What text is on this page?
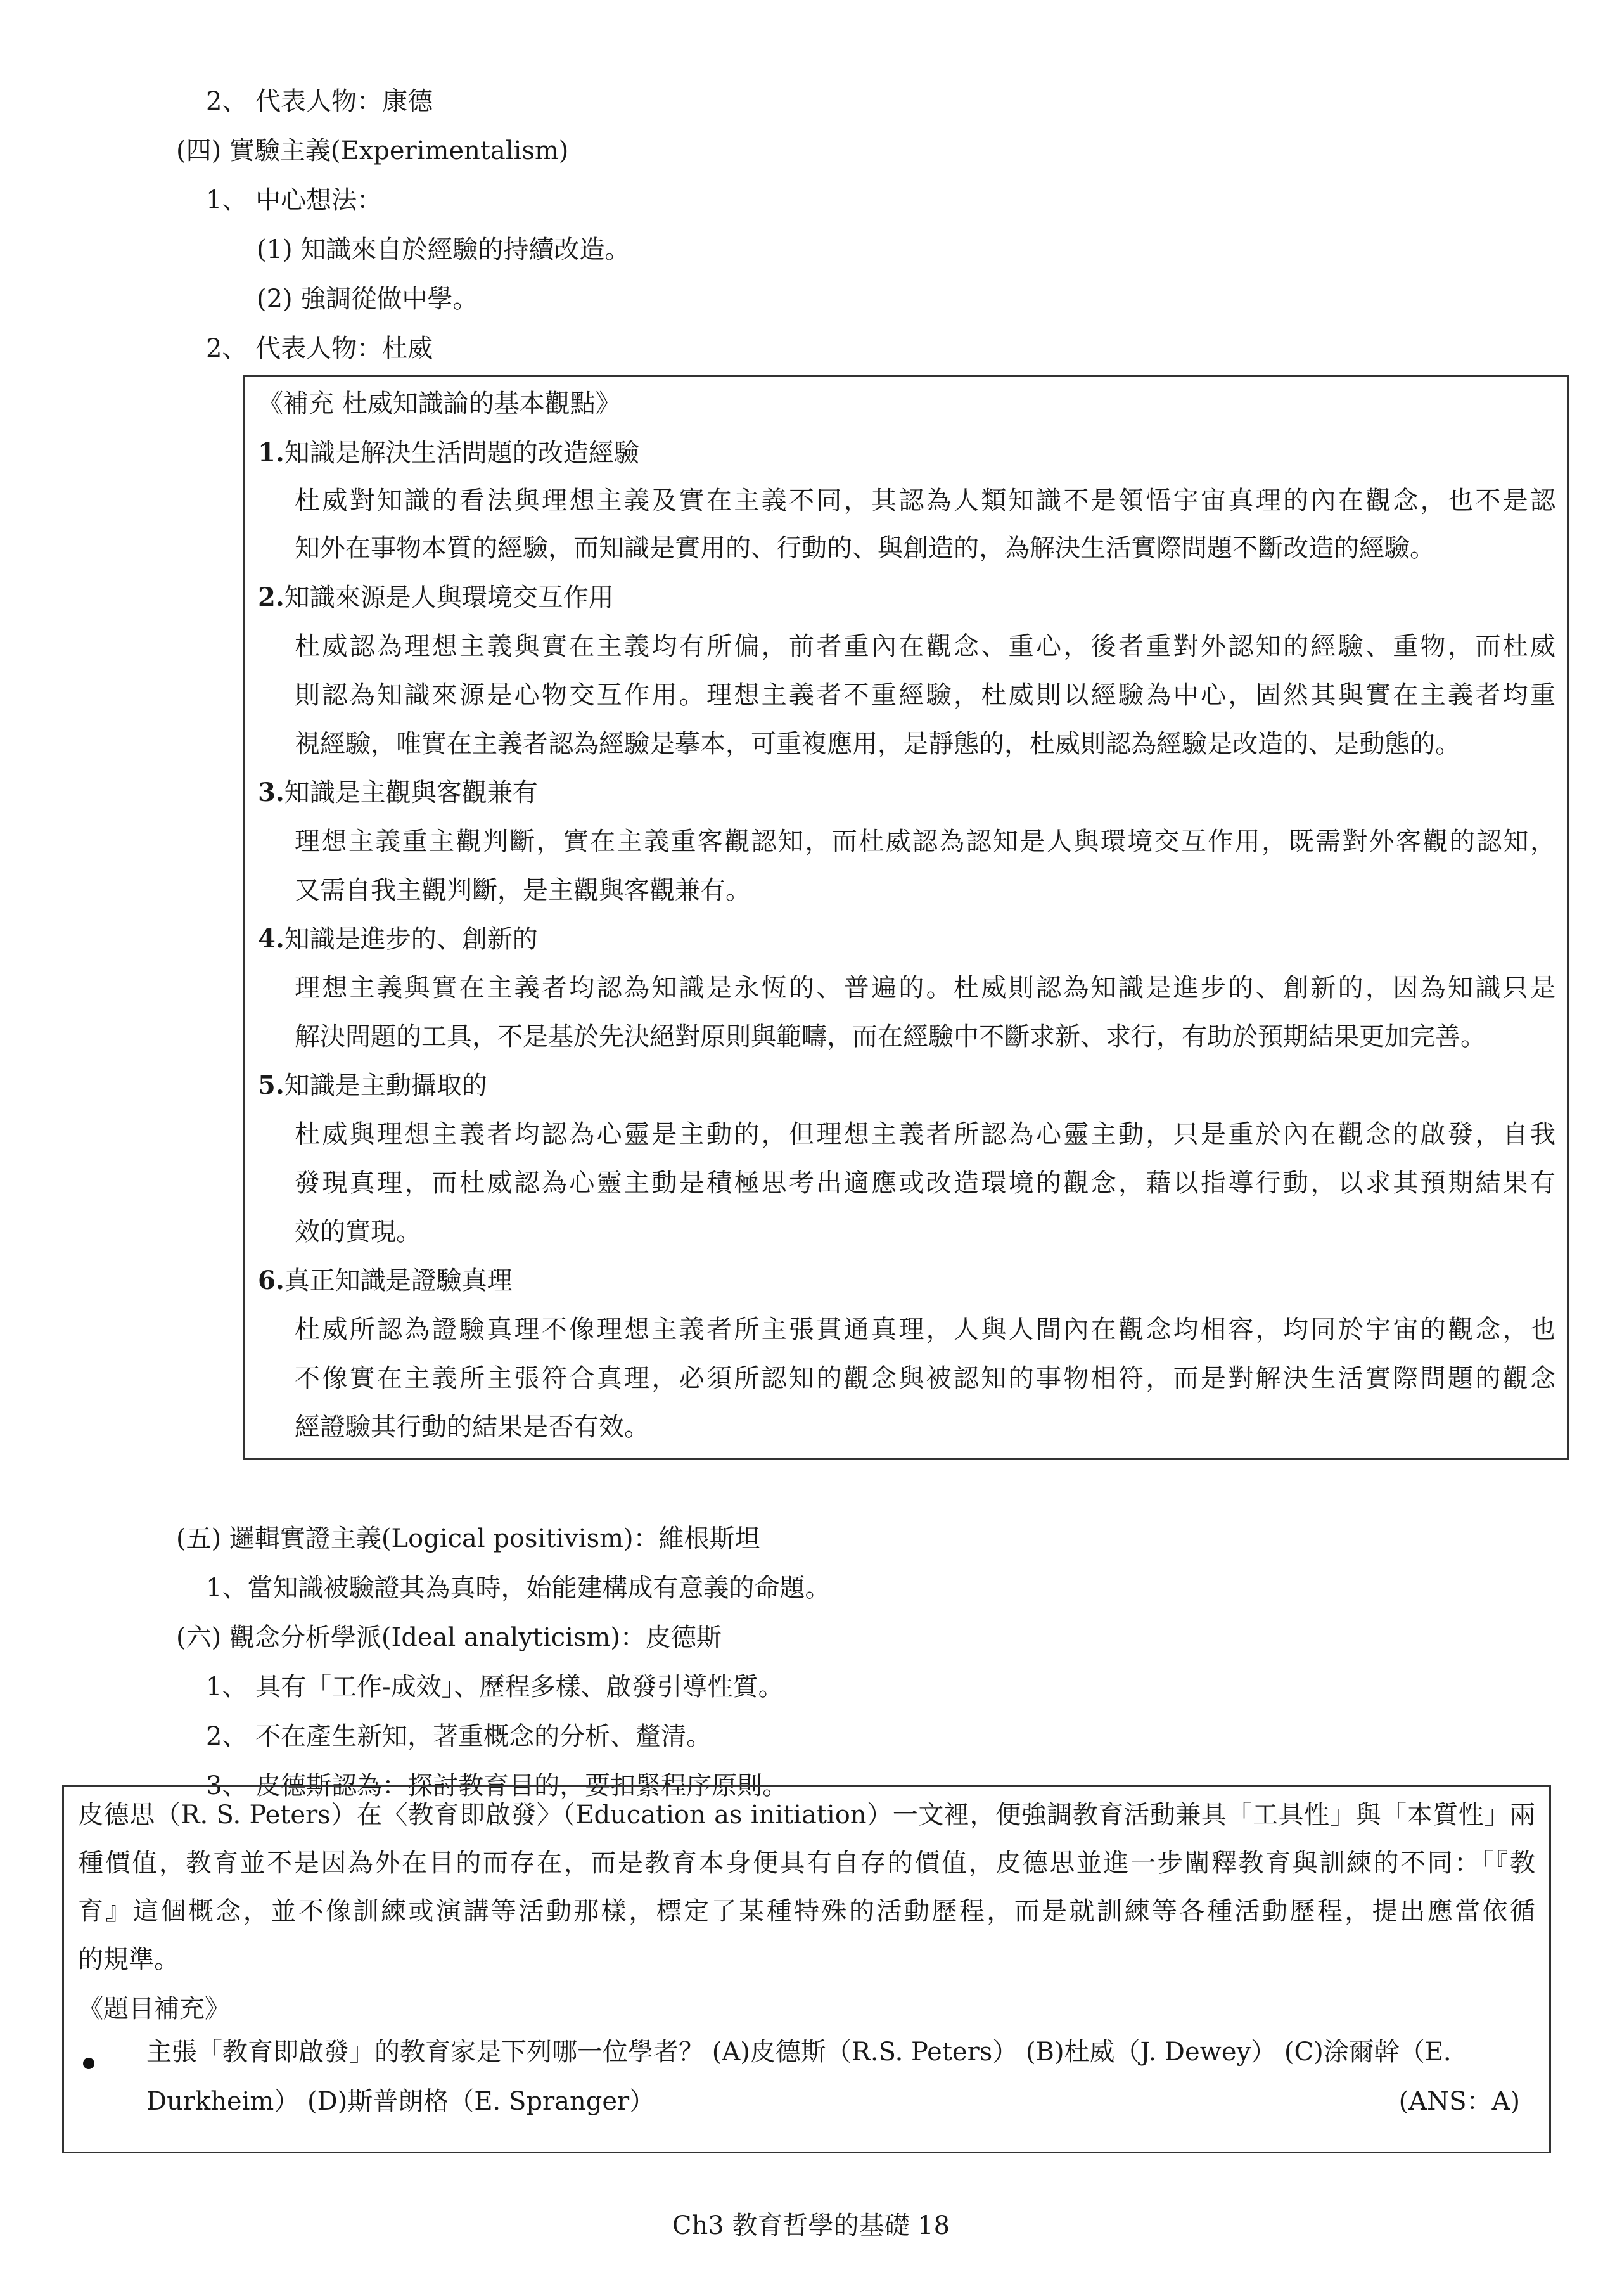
2、 代表人物：康德
(四) 實驗主義(Experimentalism)
1、 中心想法：
(1) 知識來自於經驗的持續改造。
(2) 強調從做中學。
2、 代表人物：杜威
《補充 杜威知識論的基本觀點》
1.知識是解決生活問題的改造經驗
杜威對知識的看法與理想主義及實在主義不同，其認為人類知識不是領悟宇宙真理的內在觀念，也不是認
知外在事物本質的經驗，而知識是實用的、行動的、與創造的，為解決生活實際問題不斷改造的經驗。
2.知識來源是人與環境交互作用
杜威認為理想主義與實在主義均有所偏，前者重內在觀念、重心，後者重對外認知的經驗、重物，而杜威
則認為知識來源是心物交互作用。理想主義者不重經驗，杜威則以經驗為中心，固然其與實在主義者均重
視經驗，唯實在主義者認為經驗是摹本，可重複應用，是靜態的，杜威則認為經驗是改造的、是動態的。
3.知識是主觀與客觀兼有
理想主義重主觀判斷，實在主義重客觀認知，而杜威認為認知是人與環境交互作用，既需對外客觀的認知，
又需自我主觀判斷，是主觀與客觀兼有。
4.知識是進步的、創新的
理想主義與實在主義者均認為知識是永恆的、普遍的。杜威則認為知識是進步的、創新的，因為知識只是
解決問題的工具，不是基於先決絕對原則與範疇，而在經驗中不斷求新、求行，有助於預期結果更加完善。
5.知識是主動攝取的
杜威與理想主義者均認為心靈是主動的，但理想主義者所認為心靈主動，只是重於內在觀念的啟發，自我
發現真理，而杜威認為心靈主動是積極思考出適應或改造環境的觀念，藉以指導行動，以求其預期結果有
效的實現。
6.真正知識是證驗真理
杜威所認為證驗真理不像理想主義者所主張貫通真理，人與人間內在觀念均相容，均同於宇宙的觀念，也
不像實在主義所主張符合真理，必須所認知的觀念與被認知的事物相符，而是對解決生活實際問題的觀念
經證驗其行動的結果是否有效。
(五) 邏輯實證主義(Logical positivism)：維根斯坦
1、當知識被驗證其為真時，始能建構成有意義的命題。
(六) 觀念分析學派(Ideal analyticism)：皮德斯
1、 具有「工作-成效」、歷程多樣、啟發引導性質。
2、 不在產生新知，著重概念的分析、釐清。
3、 皮德斯認為：探討教育目的，要扣緊程序原則。
皮德思（R. S. Peters）在〈教育即啟發〉（Education as initiation）一文裡，便強調教育活動兼具「工具性」與「本質性」兩
種價值，教育並不是因為外在目的而存在，而是教育本身便具有自存的價值，皮德思並進一步闡釋教育與訓練的不同：「『教
育』這個概念，並不像訓練或演講等活動那樣，標定了某種特殊的活動歷程，而是就訓練等各種活動歷程，提出應當依循
的規準。
《題目補充》
主張「教育即啟發」的教育家是下列哪一位學者？ (A)皮德斯（R.S. Peters） (B)杜威（J. Dewey） (C)涂爾幹（E.
Durkheim） (D)斯普朗格（E. Spranger）	(ANS：A)
Ch3 教育哲學的基礎 18
